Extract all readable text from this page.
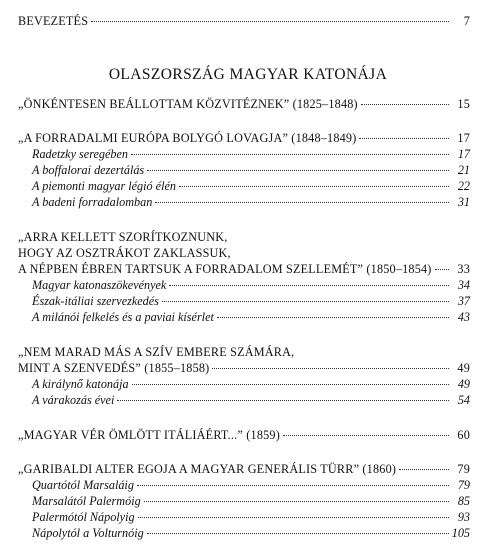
BEVEZETÉS	7
OLASZORSZÁG MAGYAR KATONÁJA
„ÖNKÉNTESEN BEÁLLOTTAM KÖZVITÉZNEK” (1825–1848)	15
„A FORRADALMI EURÓPA BOLYGÓ LOVAGJA” (1848–1849)	17
Radetzky seregében	17
A boffalorai dezertálás	21
A piemonti magyar légió élén	22
A badeni forradalomban	31
„ARRA KELLETT SZORÍTKOZNUNK,
HOGY AZ OSZTRÁKOT ZAKLASSUK,
A NÉPBEN ÉBREN TARTSUK A FORRADALOM SZELLEMÉT” (1850–1854)	33
Magyar katonaszökevények	34
Észak-itáliai szervezkedés	37
A milánói felkelés és a paviai kísérlet	43
„NEM MARAD MÁS A SZÍV EMBERE SZÁMÁRA,
MINT A SZENVEDÉS” (1855–1858)	49
A királynő katonája	49
A várakozás évei	54
„MAGYAR VÉR ÖMLÖTT ITÁLIÁÉRT...” (1859)	60
„GARIBALDI ALTER EGOJA A MAGYAR GENERÁLIS TÜRR” (1860)	79
Quartótól Marsaláig	79
Marsalától Palermóig	85
Palermótól Nápolyig	93
Nápolytól a Volturnóig	105
